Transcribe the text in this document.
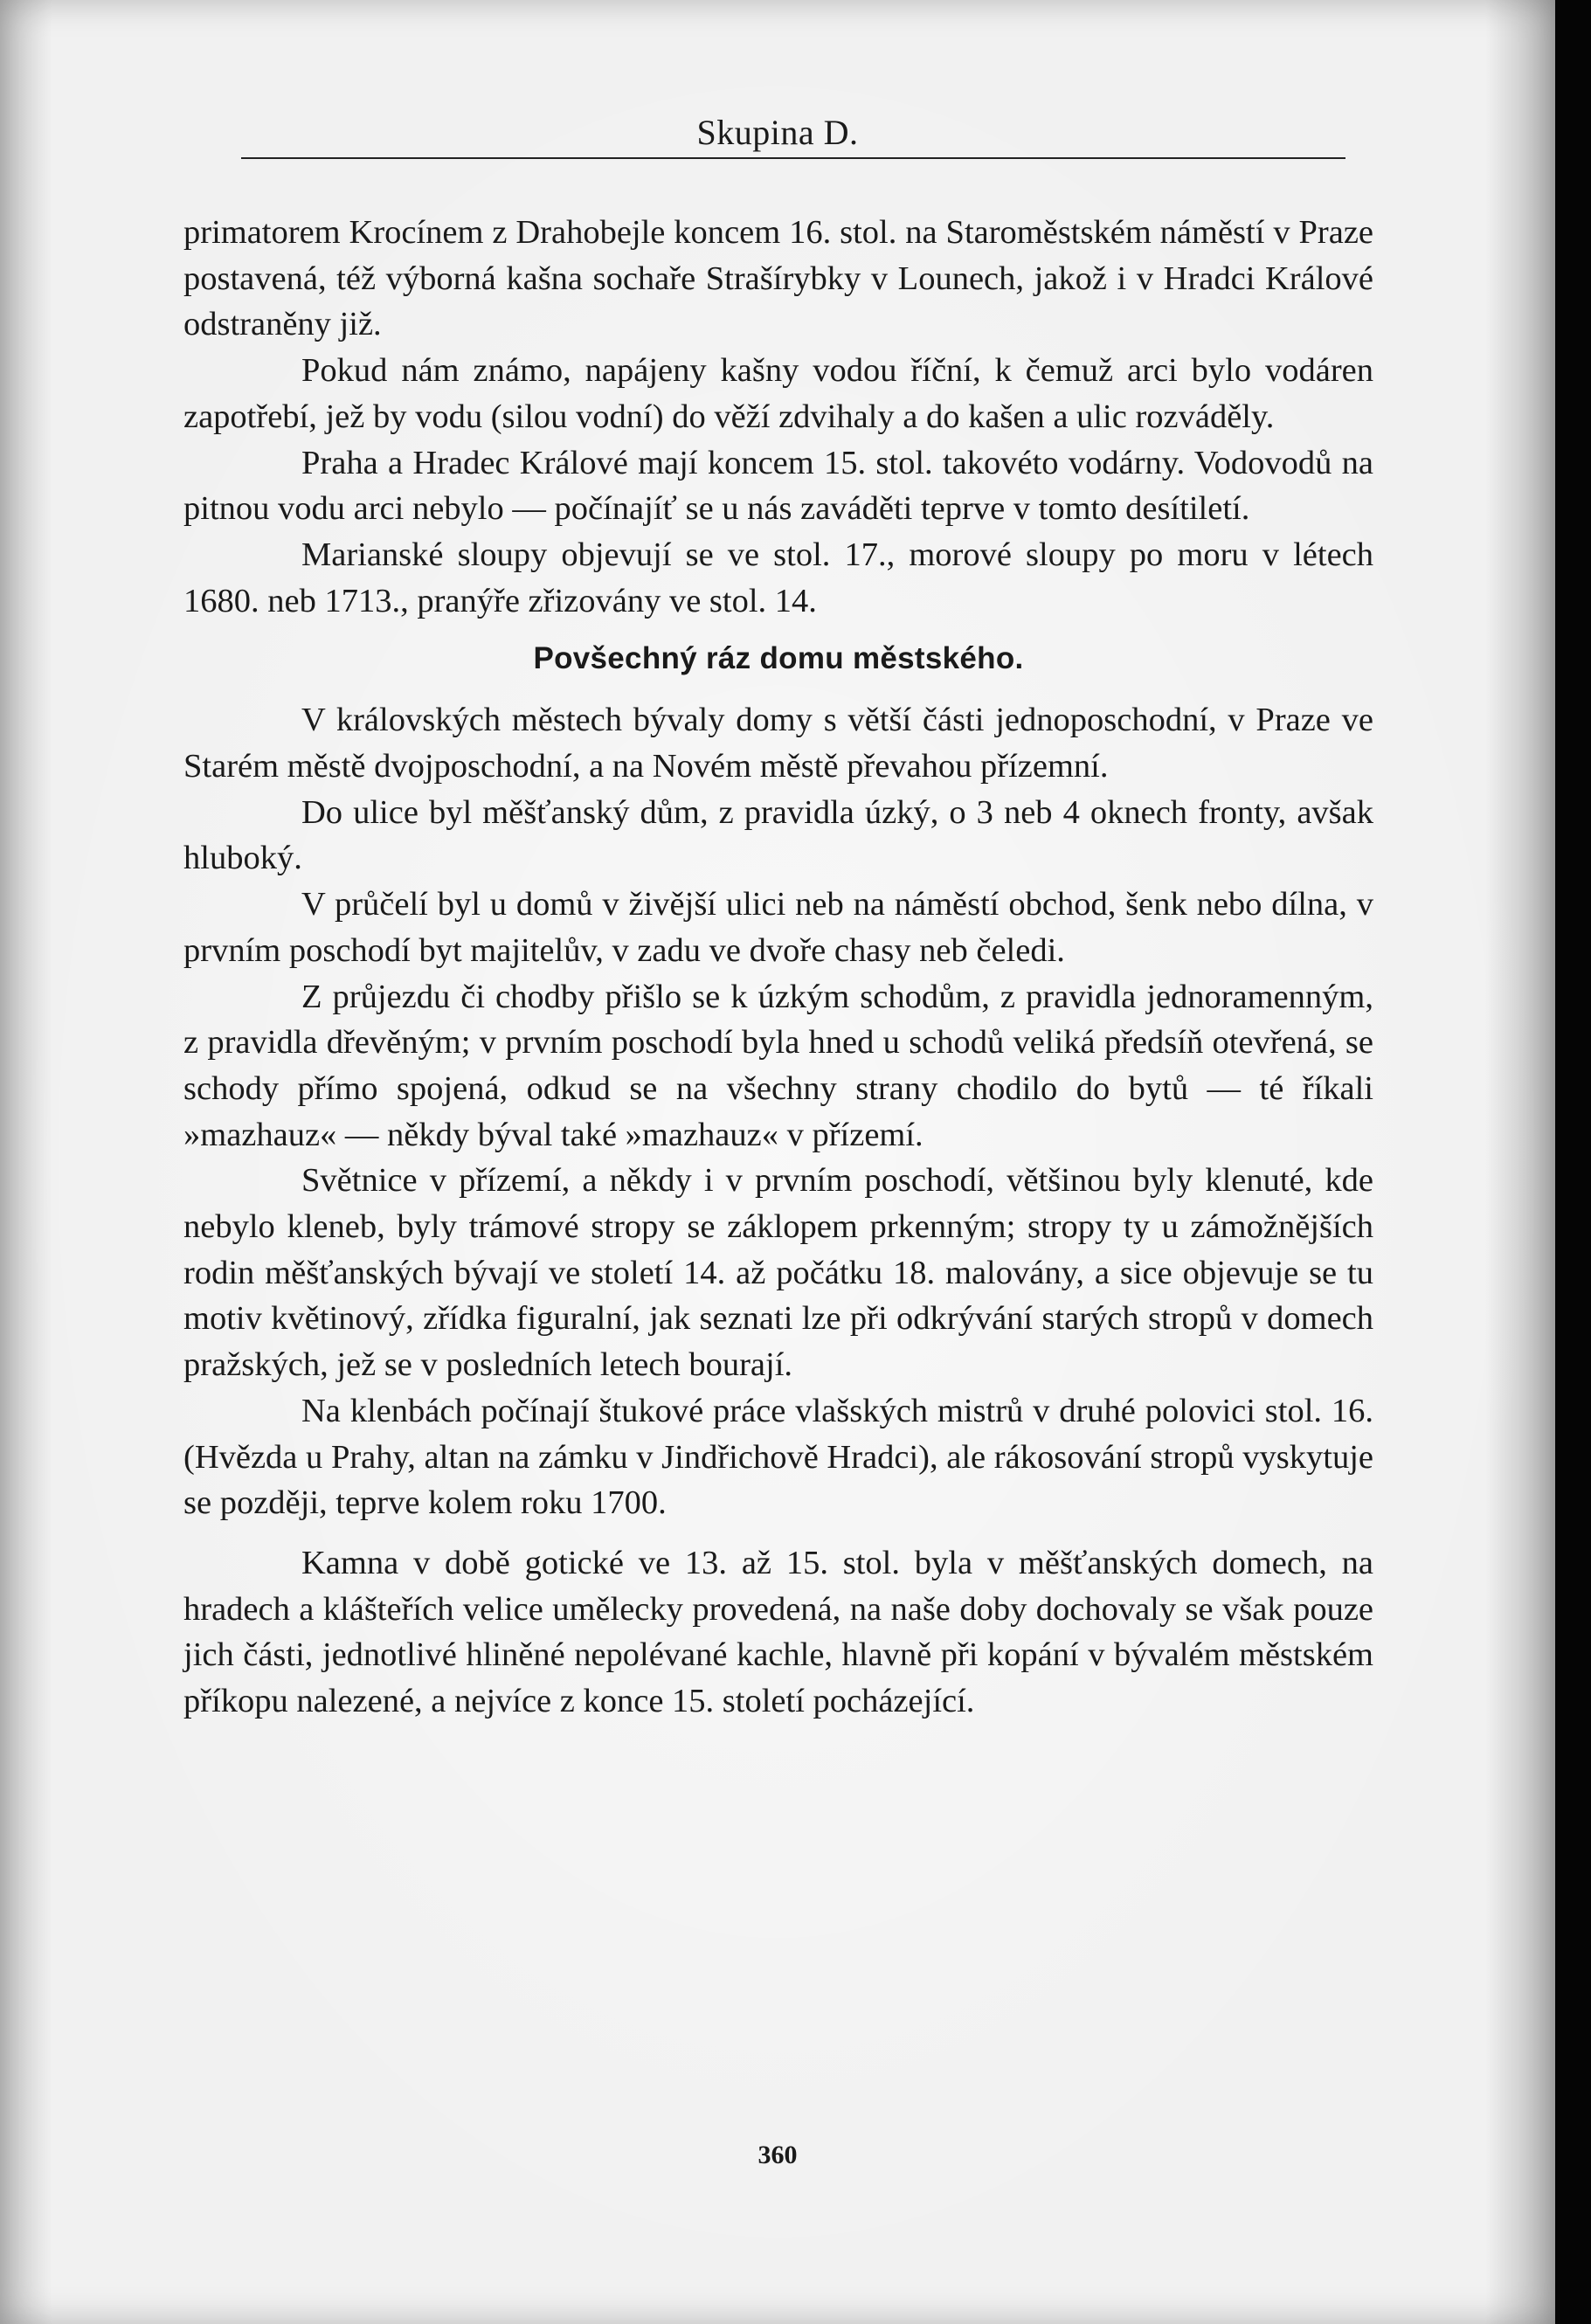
Skupina D.

primatorem Krocínem z Drahobejle koncem 16. stol. na Staroměstském náměstí v Praze postavená, též výborná kašna sochaře Strašírybky v Lounech, jakož i v Hradci Králové odstraněny již.

Pokud nám známo, napájeny kašny vodou říční, k čemuž arci bylo vodáren zapotřebí, jež by vodu (silou vodní) do věží zdvihaly a do kašen a ulic rozváděly.

Praha a Hradec Králové mají koncem 15. stol. takovéto vodárny. Vodovodů na pitnou vodu arci nebylo — počínajíť se u nás zaváděti teprve v tomto desítiletí.

Marianské sloupy objevují se ve stol. 17., morové sloupy po moru v létech 1680. neb 1713., pranýře zřizovány ve stol. 14.

Povšechný ráz domu městského.

V královských městech bývaly domy s větší části jednoposchodní, v Praze ve Starém městě dvojposchodní, a na Novém městě převahou přízemní.

Do ulice byl měšťanský dům, z pravidla úzký, o 3 neb 4 oknech fronty, avšak hluboký.

V průčelí byl u domů v živější ulici neb na náměstí obchod, šenk nebo dílna, v prvním poschodí byt majitelův, v zadu ve dvoře chasy neb čeledi.

Z průjezdu či chodby přišlo se k úzkým schodům, z pravidla jednoramenným, z pravidla dřevěným; v prvním poschodí byla hned u schodů veliká předsíň otevřená, se schody přímo spojená, odkud se na všechny strany chodilo do bytů — té říkali »mazhauz« — někdy býval také »mazhauz« v přízemí.

Světnice v přízemí, a někdy i v prvním poschodí, většinou byly klenuté, kde nebylo klenеb, byly trámové stropy se záklopem prkenným; stropy ty u zámožnějších rodin měšťanských bývají ve století 14. až počátku 18. malovány, a sice objevuje se tu motiv květinový, zřídka figuralní, jak seznati lze při odkrývání starých stropů v domech pražských, jež se v posledních letech bourají.

Na klenbách počínají štukové práce vlašských mistrů v druhé polovici stol. 16. (Hvězda u Prahy, altan na zámku v Jindřichově Hradci), ale rákosování stropů vyskytuje se později, teprve kolem roku 1700.

Kamna v době gotické ve 13. až 15. stol. byla v měšťanských domech, na hradech a klášteřích velice umělecky provedená, na naše doby dochovaly se však pouze jich části, jednotlivé hliněné nepolévané kachle, hlavně při kopání v bývalém městském příkopu nalezené, a nejvíce z konce 15. století pocházející.

360
